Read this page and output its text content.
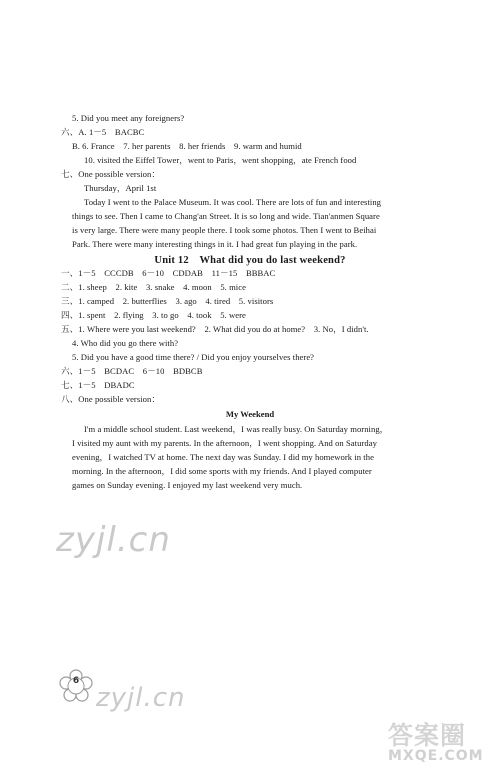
5. Did you meet any foreigners?
六、A. 1－5　BACBC
B. 6. France　7. her parents　8. her friends　9. warm and humid
10. visited the Eiffel Tower，went to Paris，went shopping，ate French food
七、One possible version：
Thursday，April 1st
Today I went to the Palace Museum. It was cool. There are lots of fun and interesting
things to see. Then I came to Chang'an Street. It is so long and wide. Tian'anmen Square
is very large. There were many people there. I took some photos. Then I went to Beihai
Park. There were many interesting things in it. I had great fun playing in the park.
Unit 12　What did you do last weekend?
一、1－5　CCCDB　6－10　CDDAB　11－15　BBBAC
二、1. sheep　2. kite　3. snake　4. moon　5. mice
三、1. camped　2. butterflies　3. ago　4. tired　5. visitors
四、1. spent　2. flying　3. to go　4. took　5. were
五、1. Where were you last weekend?　2. What did you do at home?　3. No，I didn't.
4. Who did you go there with?
5. Did you have a good time there? / Did you enjoy yourselves there?
六、1－5　BCDAC　6－10　BDBCB
七、1－5　DBADC
八、One possible version：
My Weekend
I'm a middle school student. Last weekend，I was really busy. On Saturday morning，
I visited my aunt with my parents. In the afternoon，I went shopping. And on Saturday
evening，I watched TV at home. The next day was Sunday. I did my homework in the
morning. In the afternoon，I did some sports with my friends. And I played computer
games on Sunday evening. I enjoyed my last weekend very much.
zyjl.cn
6
zyjl.cn
答案圈
MXQE.COM
